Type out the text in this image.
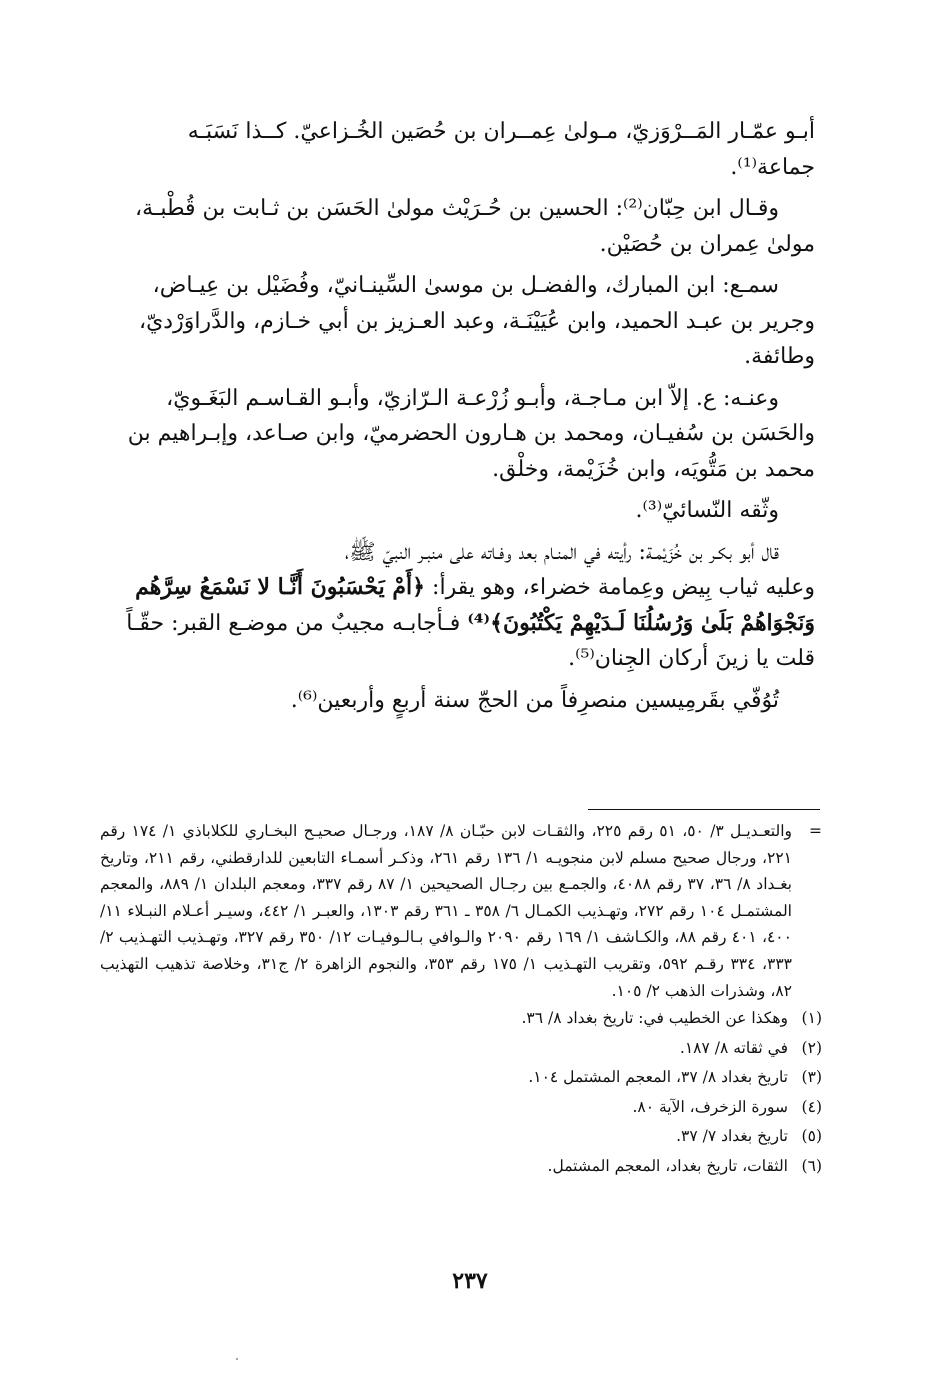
أبـو عمّـار المَــرْوَزيّ، مـولىٰ عِمــران بن حُصَين الخُـزاعيّ. كــذا نَسَبَـه
جماعة⁽¹⁾.

وقـال ابن حِبّان⁽²⁾: الحسين بن حُـرَيْث مولىٰ الحَسَن بن ثـابت بن قُطْبـة،
مولىٰ عِمران بن حُصَيْن.

سمـع: ابن المبارك، والفضـل بن موسىٰ السِّينـانيّ، وفُضَيْل بن عِيـاض،
وجرير بن عبـد الحميد، وابن عُيَيْنَـة، وعبد العـزيز بن أبي خـازم، والدَّراوَرْديّ،
وطائفة.

وعنـه: ع. إلاّ ابن مـاجـة، وأبـو زُرْعـة الـرّازيّ، وأبـو القـاسـم البَغَـويّ،
والحَسَن بن سُفيـان، ومحمد بن هـارون الحضرميّ، وابن صـاعد، وإبـراهيم بن
محمد بن مَتُّويَه، وابن خُزَيْمة، وخلْق.

وثّقه النّسائيّ⁽³⁾.

قال أبو بكـر بن خُزَيْمـة: رأيته في المنـام بعد وفـاته على منبـر النبيّ ﷺ،
وعليه ثياب بِيض وعِمامة خضراء، وهو يقرأ: ﴿أَمْ يَحْسَبُونَ أَنَّـا لا نَسْمَعُ سِرَّهُم
وَنَجْوَاهُمْ بَلَىٰ وَرُسُلُنَا لَـدَيْهِمْ يَكْتُبُونَ﴾⁽⁴⁾ فـأجابـه مجيبٌ من موضـع القبر: حقّـاً
قلت يا زينَ أركان الجِنان⁽⁵⁾.

تُوُفّي بقَرمِيسين منصرِفاً من الحجّ سنة أربعٍ وأربعين⁽⁶⁾.

=
والتعـديـل ٣/ ٥٠، ٥١ رقم ٢٢٥، والثقـات لابن حبّـان ٨/ ١٨٧، ورجـال صحيـح البخـاري للكلاباذي ١/ ١٧٤ رقم ٢٢١، ورجال صحيح مسلم لابن منجويـه ١/ ١٣٦ رقم ٢٦١، وذكـر أسمـاء التابعين للدارقطني، رقم ٢١١، وتاريخ بغـداد ٨/ ٣٦، ٣٧ رقم ٤٠٨٨، والجمـع بين رجـال الصحيحين ١/ ٨٧ رقم ٣٣٧، ومعجم البلدان ١/ ٨٨٩، والمعجم المشتمـل ١٠٤ رقم ٢٧٢، وتهـذيب الكمـال ٦/ ٣٥٨ ـ ٣٦١ رقم ١٣٠٣، والعبـر ١/ ٤٤٢، وسيـر أعـلام النبـلاء ١١/ ٤٠٠، ٤٠١ رقم ٨٨، والكـاشف ١/ ١٦٩ رقم ٢٠٩٠ والـوافي بـالـوفيـات ١٢/ ٣٥٠ رقم ٣٢٧، وتهـذيب التهـذيب ٢/ ٣٣٣، ٣٣٤ رقـم ٥٩٢، وتقريب التهـذيب ١/ ١٧٥ رقم ٣٥٣، والنجوم الزاهرة ٢/ ج٣١، وخلاصة تذهيب التهذيب ٨٢، وشذرات الذهب ٢/ ١٠٥.

(١)
وهكذا عن الخطيب في: تاريخ بغداد ٨/ ٣٦.
(٢)
في ثقاته ٨/ ١٨٧.
(٣)
تاريخ بغداد ٨/ ٣٧، المعجم المشتمل ١٠٤.
(٤)
سورة الزخرف، الآية ٨٠.
(٥)
تاريخ بغداد ٧/ ٣٧.
(٦)
الثقات، تاريخ بغداد، المعجم المشتمل.
٢٣٧
